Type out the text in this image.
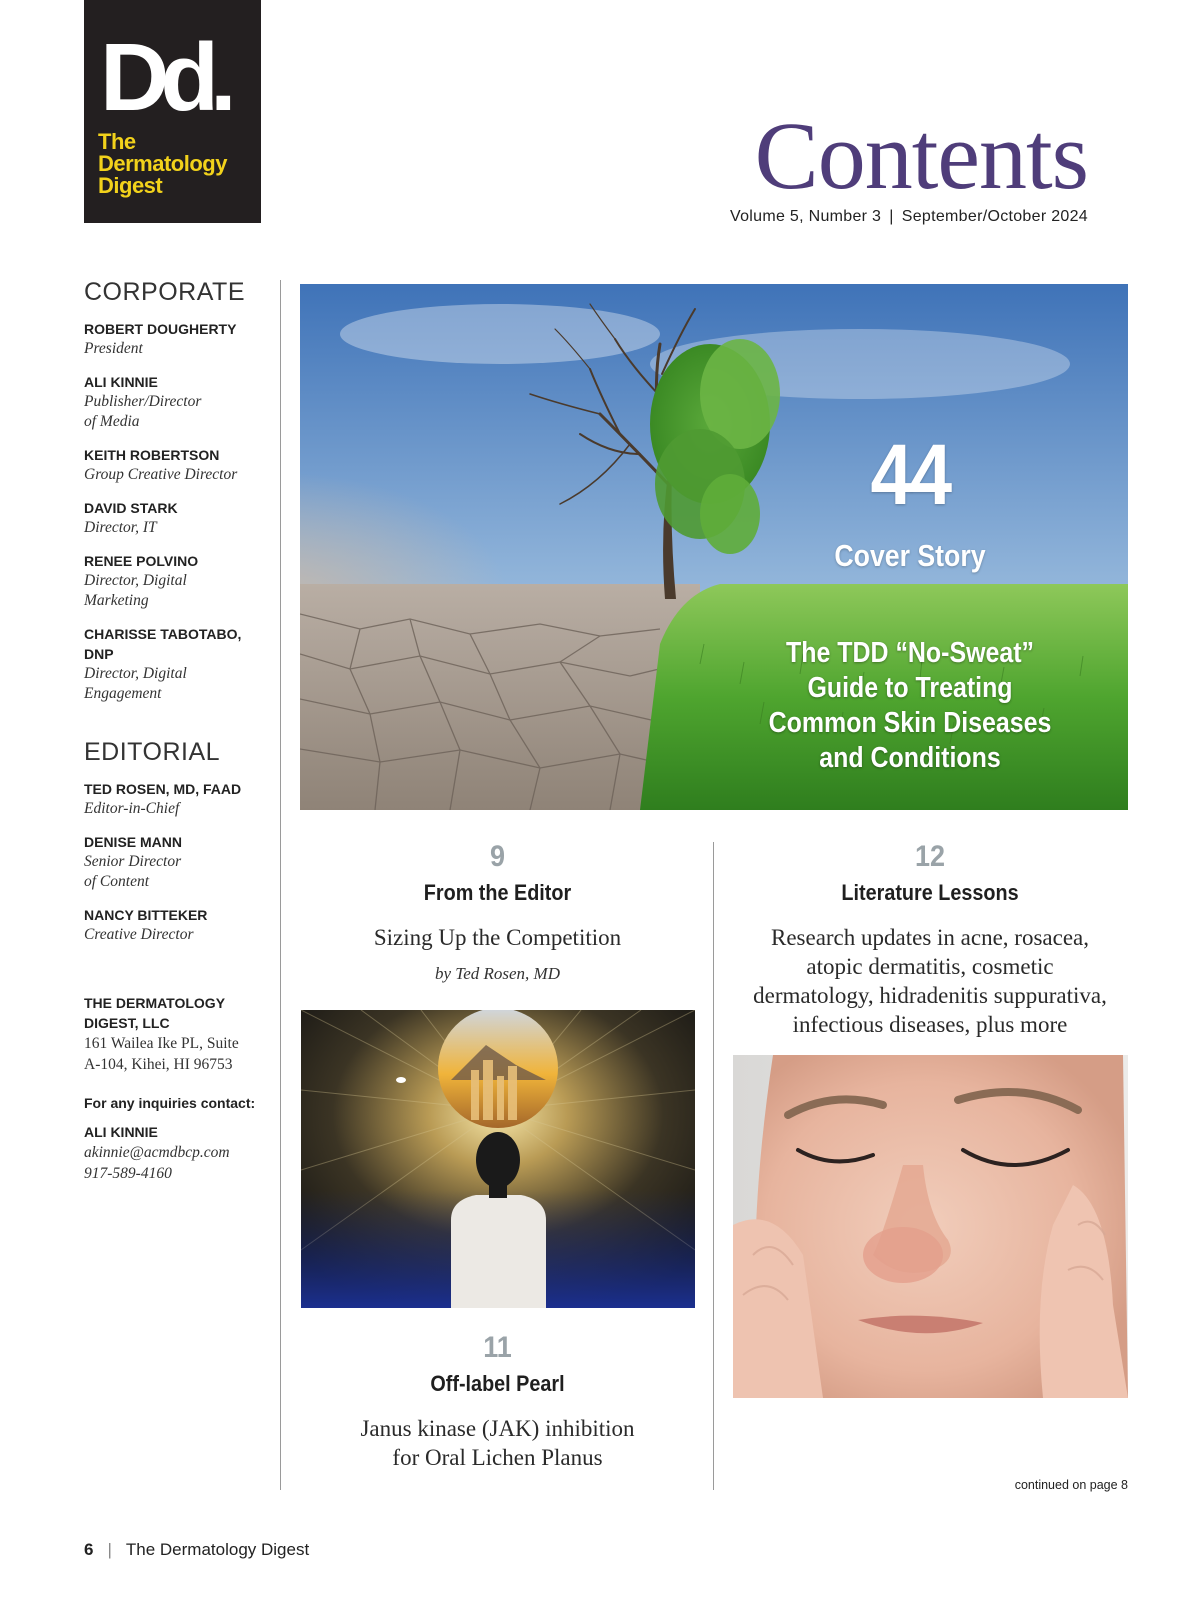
Dd.
The
Dermatology
Digest	Contents
Volume 5, Number 3 | September/October 2024
CORPORATE
ROBERT DOUGHERTY
President
ALI KINNIE
Publisher/Director of Media
KEITH ROBERTSON
Group Creative Director
DAVID STARK
Director, IT
RENEE POLVINO
Director, Digital Marketing
CHARISSE TABOTABO, DNP
Director, Digital Engagement
EDITORIAL
TED ROSEN, MD, FAAD
Editor-in-Chief
DENISE MANN
Senior Director of Content
NANCY BITTEKER
Creative Director
THE DERMATOLOGY
DIGEST, LLC
161 Wailea Ike PL, Suite
A-104, Kihei, HI 96753
For any inquiries contact:
ALI KINNIE
akinnie@acmdbcp.com
917-589-4160
44
Cover Story
The TDD “No-Sweat”
Guide to Treating
Common Skin Diseases
and Conditions
9
From the Editor
Sizing Up the Competition
by Ted Rosen, MD
12
Literature Lessons
Research updates in acne, rosacea,
atopic dermatitis, cosmetic
dermatology, hidradenitis suppurativa,
infectious diseases, plus more
11
Off-label Pearl
Janus kinase (JAK) inhibition
for Oral Lichen Planus
continued on page 8
6 | The Dermatology Digest
